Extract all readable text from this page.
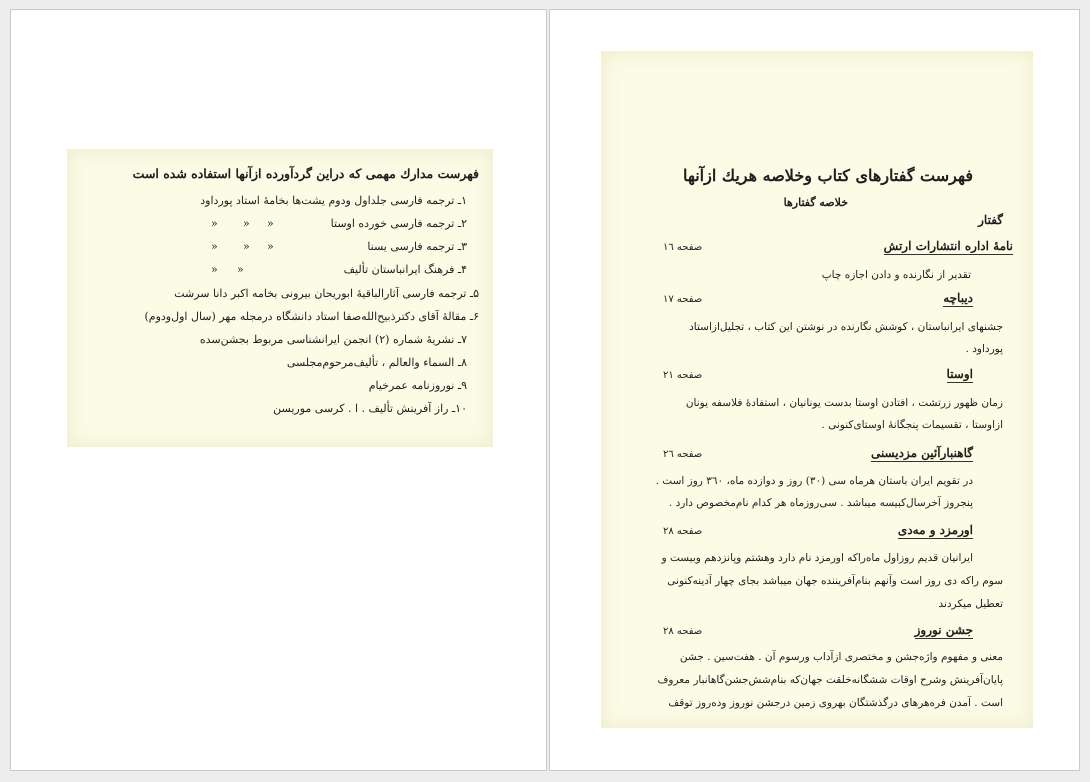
فهرست مدارك مهمى كه دراين گردآورده ازآنها استفاده شده است
۱ـ ترجمه فارسی جلداول ودوم یشت‌ها بخامهٔ استاد پورداود
۲ـ ترجمه فارسی خورده اوستا
۳ـ ترجمه فارسی یسنا
۴ـ فرهنگ ایرانباستان تألیف
۵ـ ترجمه فارسی آثارالباقیهٔ ابوریحان بیرونی بخامه اکبر دانا سرشت
۶ـ مقالهٔ آقای دکترذبیح‌الله‌صفا استاد دانشگاه درمجله مهر (سال اول‌ودوم)
۷ـ نشریهٔ شماره (۲) انجمن ایرانشناسی مربوط بجشن‌سده
۸ـ السماء والعالم ، تألیف‌مرحوم‌مجلسی
۹ـ نوروزنامه عمرخیام
۱۰ـ راز آفرینش تألیف . ا . کرسی موریسن
« « «
« « «
« «
فهرست گفتارهای کتاب وخلاصه هریك ازآنها
خلاصه گفتارها
گفتار
نامهٔ اداره انتشارات ارتش
صفحه ۱٦
تقدیر از نگارنده و دادن اجازه چاپ
دیباچه
صفحه ۱۷
جشنهای ایرانباستان ، کوشش نگارنده در نوشتن این کتاب ، تجلیل‌ازاستاد
پورداود .
اوستا
صفحه ۲۱
زمان ظهور زرتشت ، افتادن اوستا بدست یونانیان ، استفادهٔ فلاسفه یونان
ازاوستا ، تقسیمات پنجگانهٔ اوستای‌کنونی .
گاهنبارآئین مزدیسنی
صفحه ۲٦
در تقویم ایران باستان هرماه سی (۳۰) روز و دوازده ماه، ۳٦۰ روز است .
پنجروز آخرسال‌کبیسه میباشد . سی‌روزماه هر کدام نام‌مخصوص دارد .
اورمزد و مه‌دی
صفحه ۲۸
ایرانیان قدیم روزاول ماه‌راکه اورمزد نام دارد وهشتم وپانزدهم وبیست و
سوم راکه دی روز است وآنهم بنام‌آفریننده جهان میباشد بجای چهار آدینه‌کنونی
تعطیل میکردند
جشن نوروز
صفحه ۲۸
معنی و مفهوم واژه‌جشن و مختصری ازآداب ورسوم آن . هفت‌سین . جشن
پایان‌آفرینش وشرح اوقات ششگانه‌خلقت جهان‌که بنام‌شش‌جشن‌گاهانبار معروف
است . آمدن فره‌هرهای درگذشتگان بهروی زمین درجشن نوروز وده‌روز توقف
